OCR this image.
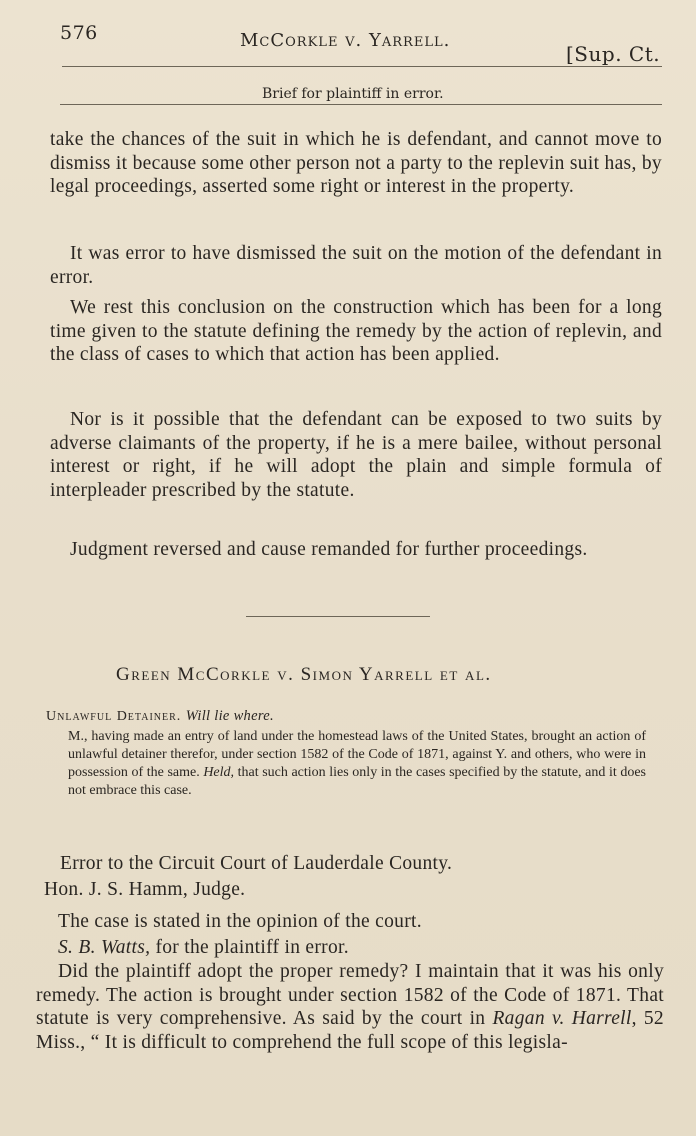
576	McCorkle v. Yarrell.
[Sup. Ct.
Brief for plaintiff in error.
take the chances of the suit in which he is defendant, and cannot move to dismiss it because some other person not a party to the replevin suit has, by legal proceedings, asserted some right or interest in the property.
It was error to have dismissed the suit on the motion of the defendant in error.
We rest this conclusion on the construction which has been for a long time given to the statute defining the remedy by the action of replevin, and the class of cases to which that action has been applied.
Nor is it possible that the defendant can be exposed to two suits by adverse claimants of the property, if he is a mere bailee, without personal interest or right, if he will adopt the plain and simple formula of interpleader prescribed by the statute.
Judgment reversed and cause remanded for further proceedings.
Green McCorkle v. Simon Yarrell et al.
Unlawful Detainer. Will lie where.
M., having made an entry of land under the homestead laws of the United States, brought an action of unlawful detainer therefor, under section 1582 of the Code of 1871, against Y. and others, who were in possession of the same. Held, that such action lies only in the cases specified by the statute, and it does not embrace this case.
Error to the Circuit Court of Lauderdale County.
Hon. J. S. Hamm, Judge.
The case is stated in the opinion of the court.
S. B. Watts, for the plaintiff in error.
Did the plaintiff adopt the proper remedy? I maintain that it was his only remedy. The action is brought under section 1582 of the Code of 1871. That statute is very comprehensive. As said by the court in Ragan v. Harrell, 52 Miss., “ It is difficult to comprehend the full scope of this legisla-
